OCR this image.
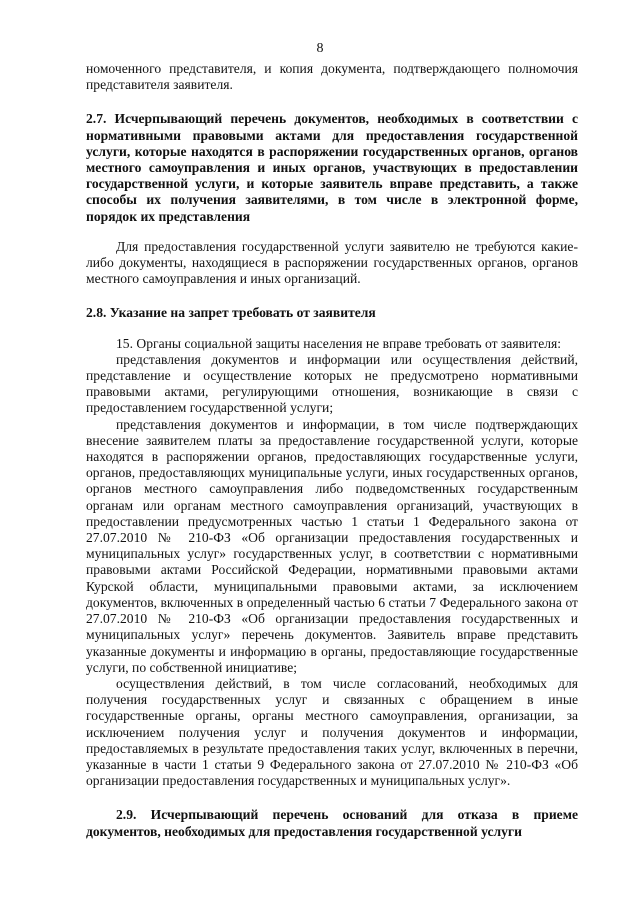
8

номоченного представителя, и копия документа, подтверждающего полномочия представителя заявителя.

2.7. Исчерпывающий перечень документов, необходимых в соответствии с нормативными правовыми актами для предоставления государственной услуги, которые находятся в распоряжении государственных органов, органов местного самоуправления и иных органов, участвующих в предоставлении государственной услуги, и которые заявитель вправе представить, а также способы их получения заявителями, в том числе в электронной форме, порядок их представления

Для предоставления государственной услуги заявителю не требуются какие-либо документы, находящиеся в распоряжении государственных органов, органов местного самоуправления и иных организаций.

2.8. Указание на запрет требовать от заявителя

15. Органы социальной защиты населения не вправе требовать от заявителя:

представления документов и информации или осуществления действий, представление и осуществление которых не предусмотрено нормативными правовыми актами, регулирующими отношения, возникающие в связи с предоставлением государственной услуги;

представления документов и информации, в том числе подтверждающих внесение заявителем платы за предоставление государственной услуги, которые находятся в распоряжении органов, предоставляющих государственные услуги, органов, предоставляющих муниципальные услуги, иных государственных органов, органов местного самоуправления либо подведомственных государственным органам или органам местного самоуправления организаций, участвующих в предоставлении предусмотренных частью 1 статьи 1 Федерального закона от 27.07.2010 № 210-ФЗ «Об организации предоставления государственных и муниципальных услуг» государственных услуг, в соответствии с нормативными правовыми актами Российской Федерации, нормативными правовыми актами Курской области, муниципальными правовыми актами, за исключением документов, включенных в определенный частью 6 статьи 7 Федерального закона от 27.07.2010 № 210-ФЗ «Об организации предоставления государственных и муниципальных услуг» перечень документов. Заявитель вправе представить указанные документы и информацию в органы, предоставляющие государственные услуги, по собственной инициативе;

осуществления действий, в том числе согласований, необходимых для получения государственных услуг и связанных с обращением в иные государственные органы, органы местного самоуправления, организации, за исключением получения услуг и получения документов и информации, предоставляемых в результате предоставления таких услуг, включенных в перечни, указанные в части 1 статьи 9 Федерального закона от 27.07.2010 № 210-ФЗ «Об организации предоставления государственных и муниципальных услуг».

2.9. Исчерпывающий перечень оснований для отказа в приеме документов, необходимых для предоставления государственной услуги
